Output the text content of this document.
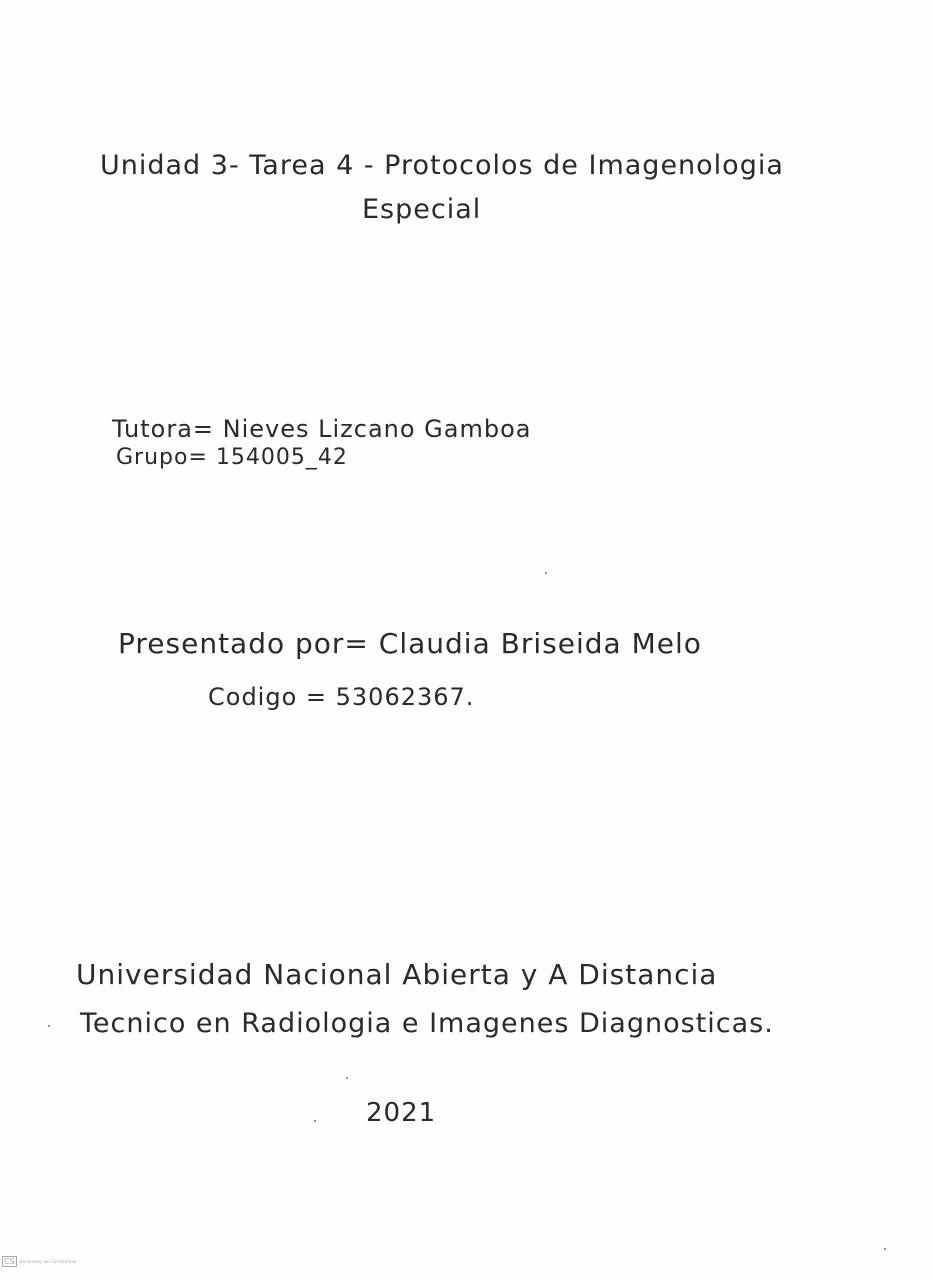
Unidad 3- Tarea 4 - Protocolos de Imagenologia
Especial
Tutora= Nieves Lizcano Gamboa
Grupo= 154005_42
Presentado por= Claudia Briseida Melo
Codigo = 53062367.
Universidad Nacional Abierta y A Distancia
Tecnico en Radiologia e Imagenes Diagnosticas.
2021
CS	Escaneado con CamScanner
